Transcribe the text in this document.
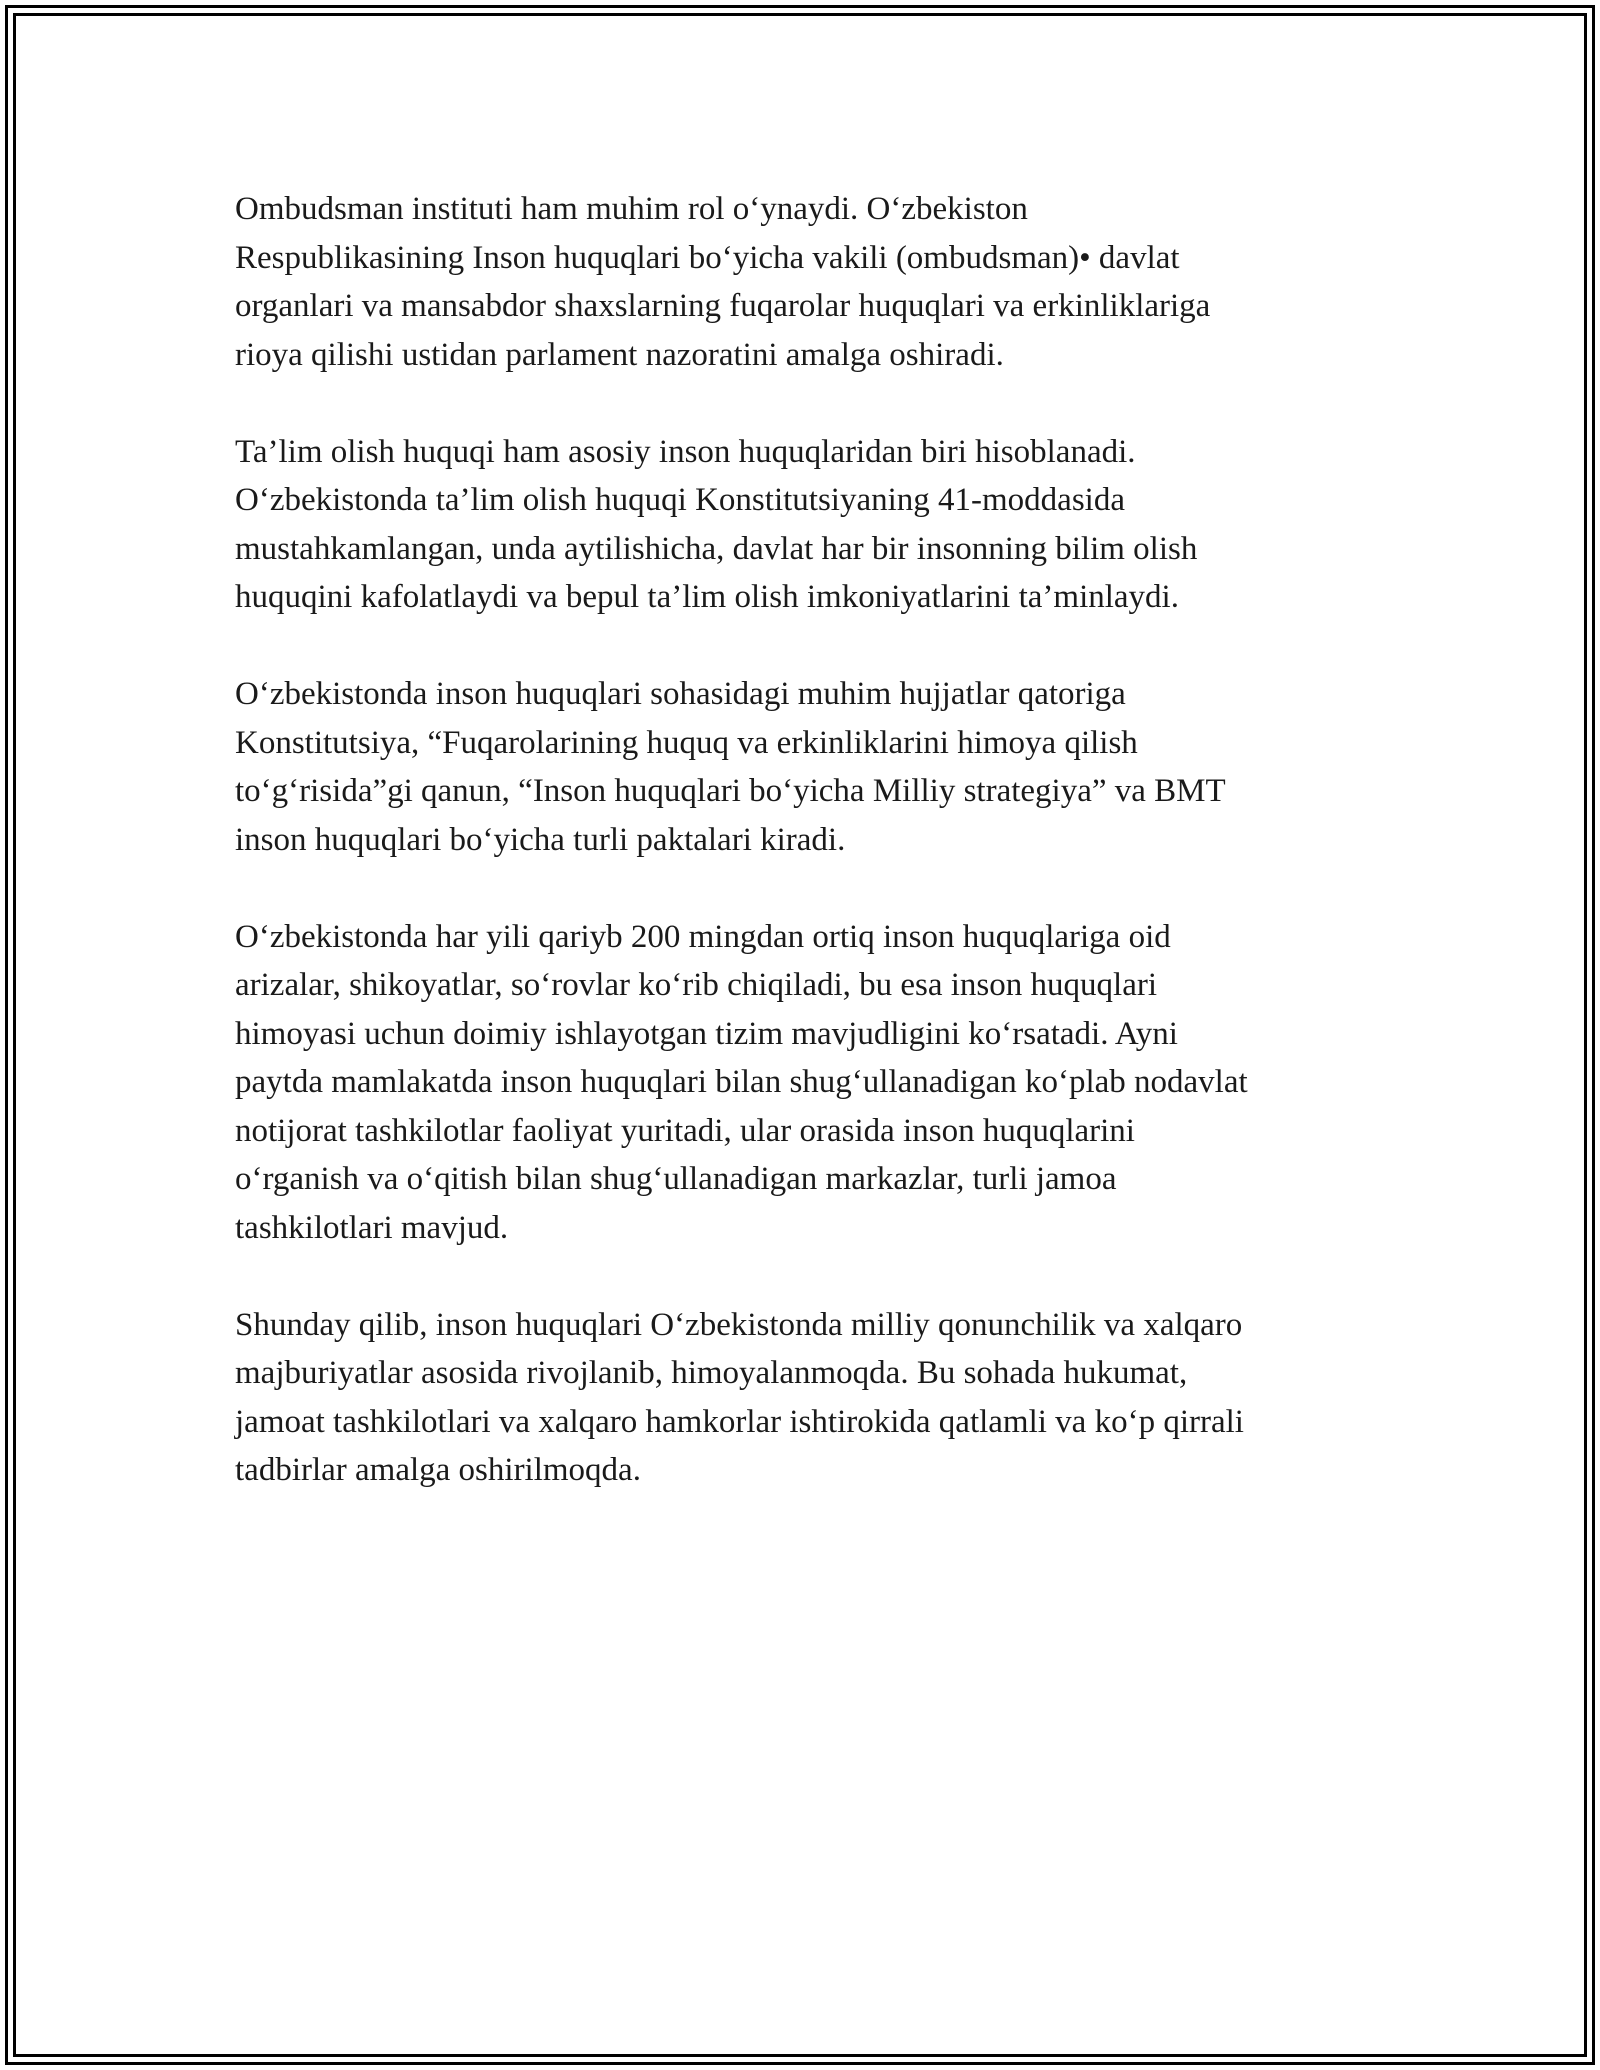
Ombudsman instituti ham muhim rol o‘ynaydi. O‘zbekiston
Respublikasining Inson huquqlari bo‘yicha vakili (ombudsman)• davlat
organlari va mansabdor shaxslarning fuqarolar huquqlari va erkinliklariga
rioya qilishi ustidan parlament nazoratini amalga oshiradi.

Ta’lim olish huquqi ham asosiy inson huquqlaridan biri hisoblanadi.
O‘zbekistonda ta’lim olish huquqi Konstitutsiyaning 41-moddasida
mustahkamlangan, unda aytilishicha, davlat har bir insonning bilim olish
huquqini kafolatlaydi va bepul ta’lim olish imkoniyatlarini ta’minlaydi.

O‘zbekistonda inson huquqlari sohasidagi muhim hujjatlar qatoriga
Konstitutsiya, “Fuqarolarining huquq va erkinliklarini himoya qilish
to‘g‘risida”gi qanun, “Inson huquqlari bo‘yicha Milliy strategiya” va BMT
inson huquqlari bo‘yicha turli paktalari kiradi.

O‘zbekistonda har yili qariyb 200 mingdan ortiq inson huquqlariga oid
arizalar, shikoyatlar, so‘rovlar ko‘rib chiqiladi, bu esa inson huquqlari
himoyasi uchun doimiy ishlayotgan tizim mavjudligini ko‘rsatadi. Ayni
paytda mamlakatda inson huquqlari bilan shug‘ullanadigan ko‘plab nodavlat
notijorat tashkilotlar faoliyat yuritadi, ular orasida inson huquqlarini
o‘rganish va o‘qitish bilan shug‘ullanadigan markazlar, turli jamoa
tashkilotlari mavjud.

Shunday qilib, inson huquqlari O‘zbekistonda milliy qonunchilik va xalqaro
majburiyatlar asosida rivojlanib, himoyalanmoqda. Bu sohada hukumat,
jamoat tashkilotlari va xalqaro hamkorlar ishtirokida qatlamli va ko‘p qirrali
tadbirlar amalga oshirilmoqda.
